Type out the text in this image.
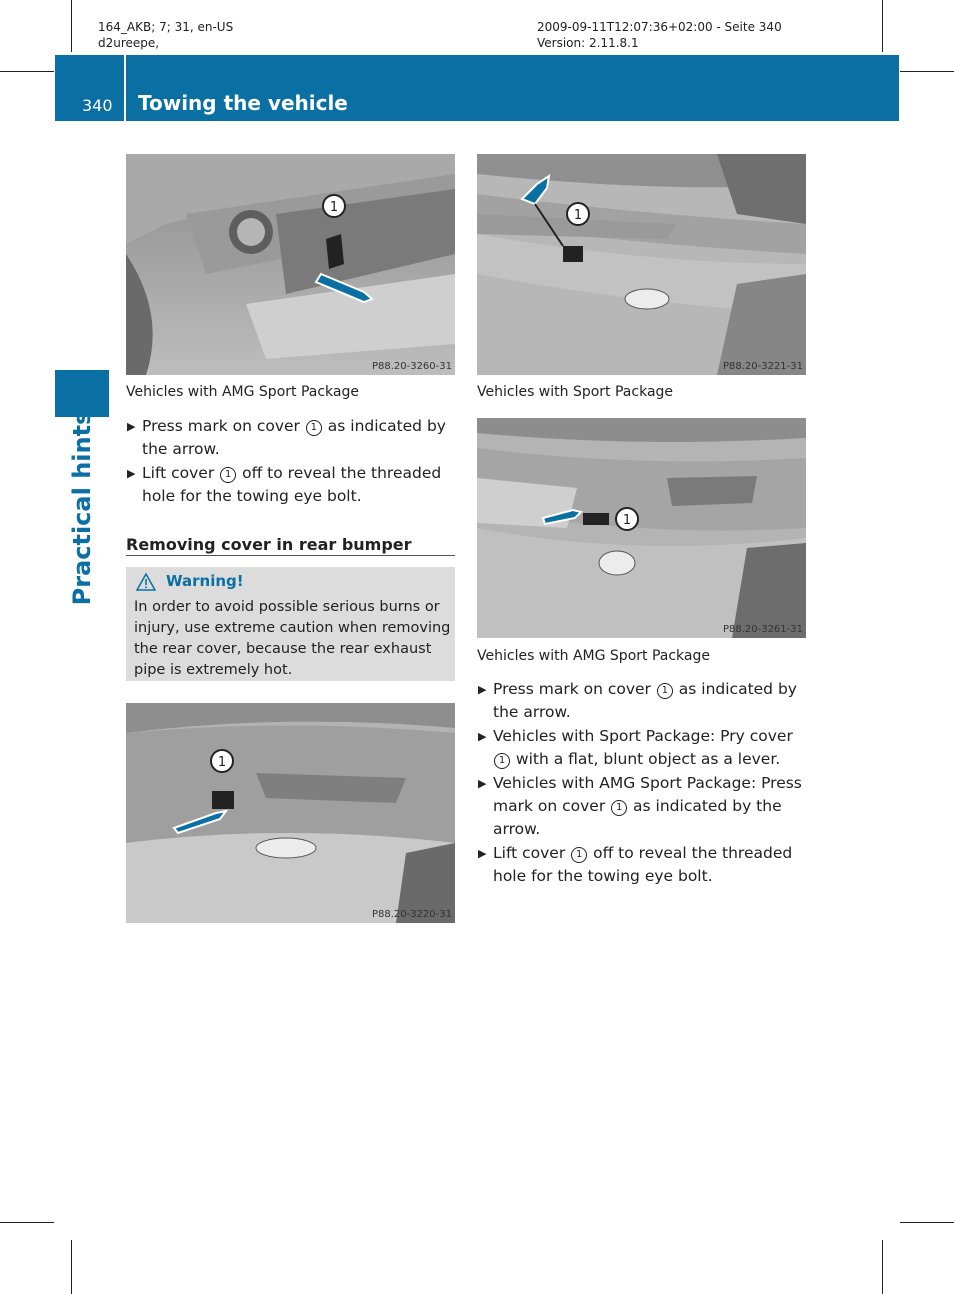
164_AKB; 7; 31, en-US
d2ureepe,
2009-09-11T12:07:36+02:00 - Seite 340
Version: 2.11.8.1
340 Towing the vehicle
Practical hints
1
P88.20-3260-31
Vehicles with AMG Sport Package
▶ Press mark on cover 1 as indicated by the arrow.
▶ Lift cover 1 off to reveal the threaded hole for the towing eye bolt.
Removing cover in rear bumper
Warning!
In order to avoid possible serious burns or injury, use extreme caution when removing the rear cover, because the rear exhaust pipe is extremely hot.
1
P88.20-3220-31
1
P88.20-3221-31
Vehicles with Sport Package
1
P88.20-3261-31
Vehicles with AMG Sport Package
▶ Press mark on cover 1 as indicated by the arrow.
▶ Vehicles with Sport Package: Pry cover 1 with a flat, blunt object as a lever.
▶ Vehicles with AMG Sport Package: Press mark on cover 1 as indicated by the arrow.
▶ Lift cover 1 off to reveal the threaded hole for the towing eye bolt.
